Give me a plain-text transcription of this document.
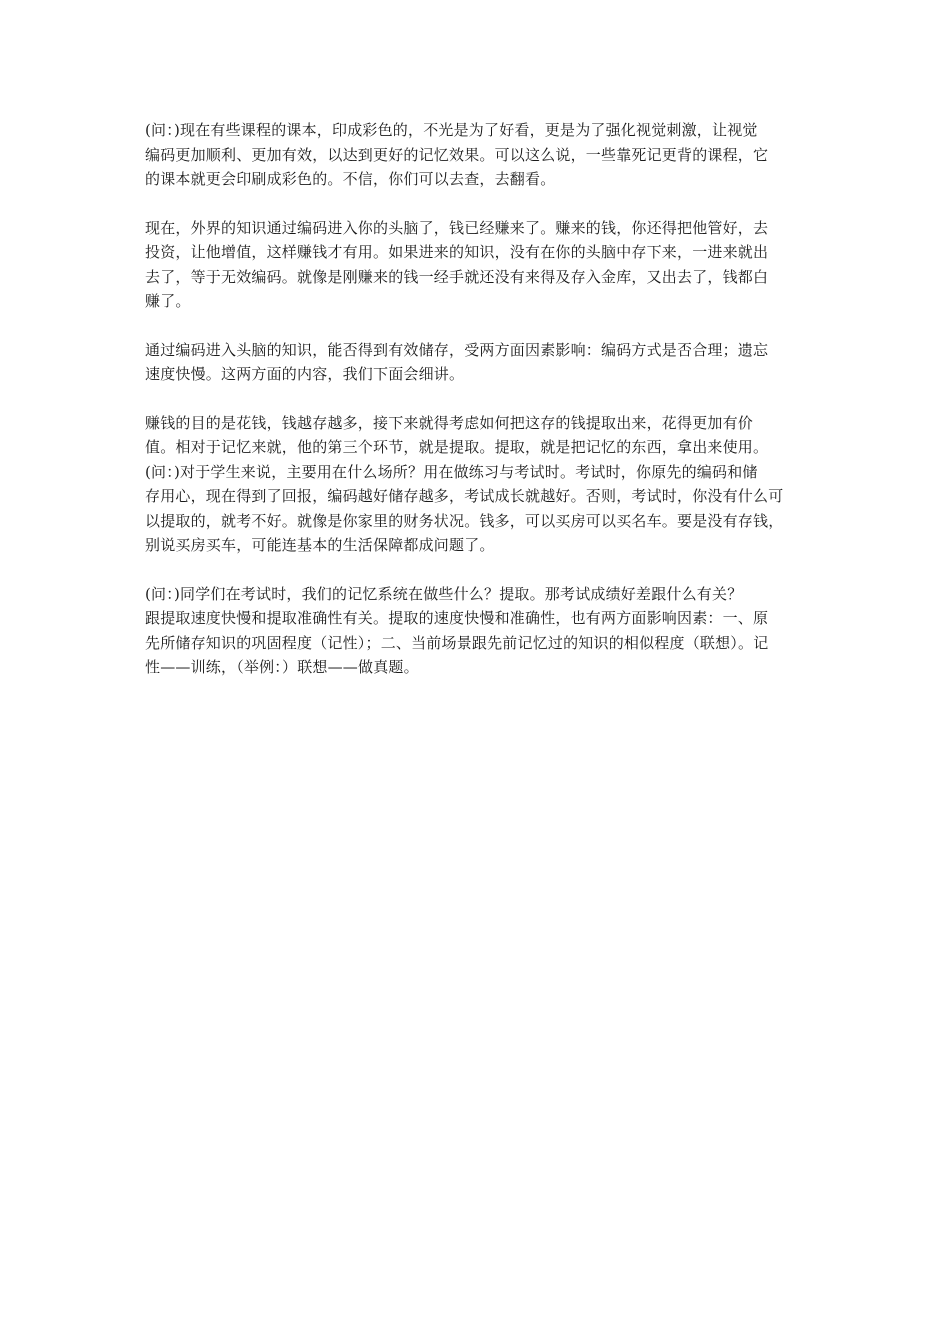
(问：)现在有些课程的课本，印成彩色的，不光是为了好看，更是为了强化视觉刺激，让视觉
编码更加顺利、更加有效，以达到更好的记忆效果。可以这么说，一些靠死记更背的课程，它
的课本就更会印刷成彩色的。不信，你们可以去查，去翻看。
现在，外界的知识通过编码进入你的头脑了，钱已经赚来了。赚来的钱，你还得把他管好，去
投资，让他增值，这样赚钱才有用。如果进来的知识，没有在你的头脑中存下来，一进来就出
去了，等于无效编码。就像是刚赚来的钱一经手就还没有来得及存入金库，又出去了，钱都白
赚了。
通过编码进入头脑的知识，能否得到有效储存，受两方面因素影响：编码方式是否合理；遗忘
速度快慢。这两方面的内容，我们下面会细讲。
赚钱的目的是花钱，钱越存越多，接下来就得考虑如何把这存的钱提取出来，花得更加有价
值。相对于记忆来就，他的第三个环节，就是提取。提取，就是把记忆的东西，拿出来使用。
(问：)对于学生来说，主要用在什么场所？用在做练习与考试时。考试时，你原先的编码和储
存用心，现在得到了回报，编码越好储存越多，考试成长就越好。否则，考试时，你没有什么可
以提取的，就考不好。就像是你家里的财务状况。钱多，可以买房可以买名车。要是没有存钱，
别说买房买车，可能连基本的生活保障都成问题了。
(问：)同学们在考试时，我们的记忆系统在做些什么？提取。那考试成绩好差跟什么有关？
跟提取速度快慢和提取准确性有关。提取的速度快慢和准确性，也有两方面影响因素：一、原
先所储存知识的巩固程度（记性）；二、当前场景跟先前记忆过的知识的相似程度（联想）。记
性——训练，（举例：）联想——做真题。
